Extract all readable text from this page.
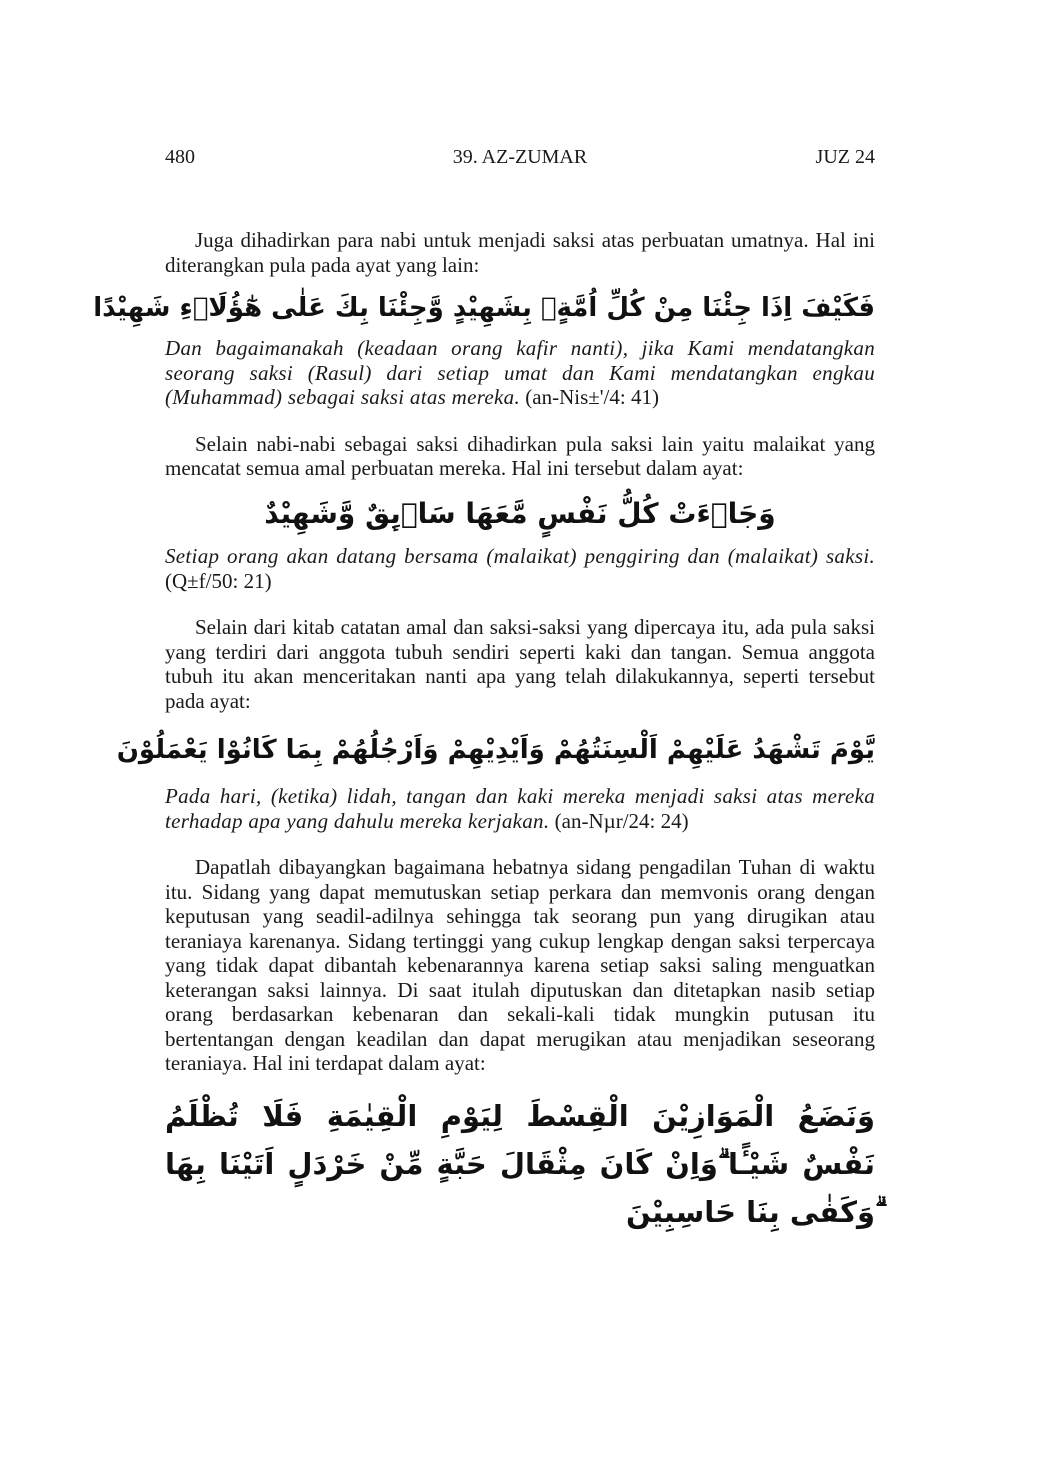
480	39. AZ-ZUMAR	JUZ 24

Juga dihadirkan para nabi untuk menjadi saksi atas perbuatan umatnya. Hal ini diterangkan pula pada ayat yang lain:

فَكَيْفَ اِذَا جِئْنَا مِنْ كُلِّ اُمَّةٍۢ بِشَهِيْدٍ وَّجِئْنَا بِكَ عَلٰى هٰٓؤُلَاۤءِ شَهِيْدًا

Dan bagaimanakah (keadaan orang kafir nanti), jika Kami mendatangkan seorang saksi (Rasul) dari setiap umat dan Kami mendatangkan engkau (Muhammad) sebagai saksi atas mereka. (an-Nis±'/4: 41)

Selain nabi-nabi sebagai saksi dihadirkan pula saksi lain yaitu malaikat yang mencatat semua amal perbuatan mereka. Hal ini tersebut dalam ayat:

وَجَاۤءَتْ كُلُّ نَفْسٍ مَّعَهَا سَاۤىِٕقٌ وَّشَهِيْدٌ

Setiap orang akan datang bersama (malaikat) penggiring dan (malaikat) saksi. (Q±f/50: 21)

Selain dari kitab catatan amal dan saksi-saksi yang dipercaya itu, ada pula saksi yang terdiri dari anggota tubuh sendiri seperti kaki dan tangan. Semua anggota tubuh itu akan menceritakan nanti apa yang telah dilakukannya, seperti tersebut pada ayat:

يَّوْمَ تَشْهَدُ عَلَيْهِمْ اَلْسِنَتُهُمْ وَاَيْدِيْهِمْ وَاَرْجُلُهُمْ بِمَا كَانُوْا يَعْمَلُوْنَ

Pada hari, (ketika) lidah, tangan dan kaki mereka menjadi saksi atas mereka terhadap apa yang dahulu mereka kerjakan. (an-Nµr/24: 24)

Dapatlah dibayangkan bagaimana hebatnya sidang pengadilan Tuhan di waktu itu. Sidang yang dapat memutuskan setiap perkara dan memvonis orang dengan keputusan yang seadil-adilnya sehingga tak seorang pun yang dirugikan atau teraniaya karenanya. Sidang tertinggi yang cukup lengkap dengan saksi terpercaya yang tidak dapat dibantah kebenarannya karena setiap saksi saling menguatkan keterangan saksi lainnya. Di saat itulah diputuskan dan ditetapkan nasib setiap orang berdasarkan kebenaran dan sekali-kali tidak mungkin putusan itu bertentangan dengan keadilan dan dapat merugikan atau menjadikan seseorang teraniaya. Hal ini terdapat dalam ayat:

وَنَضَعُ الْمَوَازِيْنَ الْقِسْطَ لِيَوْمِ الْقِيٰمَةِ فَلَا تُظْلَمُ نَفْسٌ شَيْـًٔا ۗوَاِنْ كَانَ مِثْقَالَ حَبَّةٍ مِّنْ خَرْدَلٍ اَتَيْنَا بِهَا ۗوَكَفٰى بِنَا حَاسِبِيْنَ
